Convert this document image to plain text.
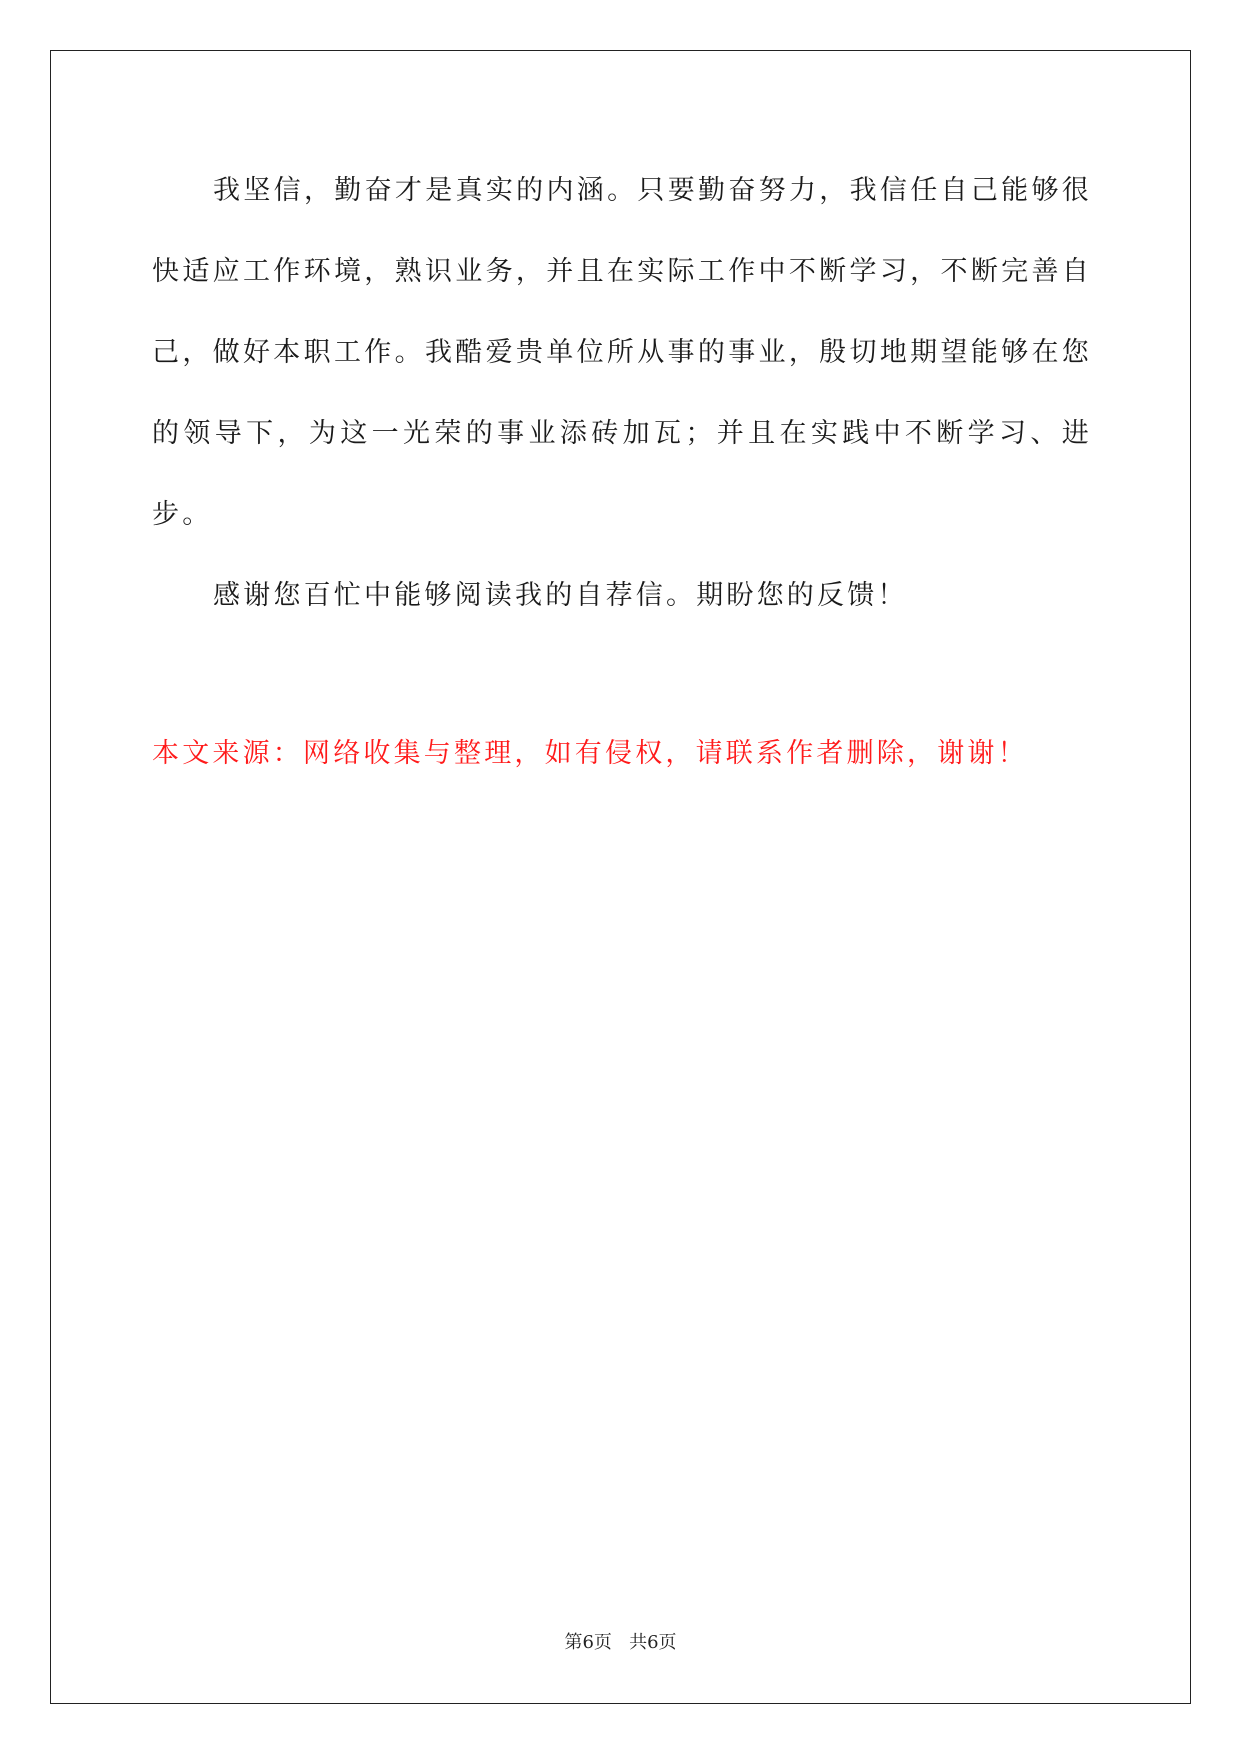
我坚信，勤奋才是真实的内涵。只要勤奋努力，我信任自己能够很快适应工作环境，熟识业务，并且在实际工作中不断学习，不断完善自己，做好本职工作。我酷爱贵单位所从事的事业，殷切地期望能够在您的领导下，为这一光荣的事业添砖加瓦；并且在实践中不断学习、进步。

感谢您百忙中能够阅读我的自荐信。期盼您的反馈！

本文来源：网络收集与整理，如有侵权，请联系作者删除，谢谢！

第6页 共6页
